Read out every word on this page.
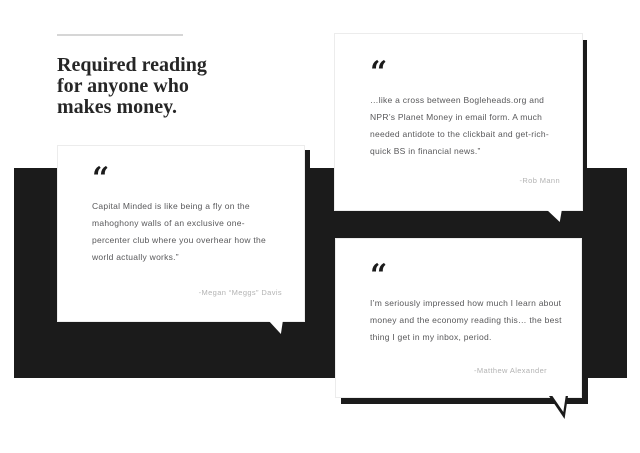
Required reading
for anyone who
makes money.
“

Capital Minded is like being a fly on the mahoghony walls of an exclusive one-percenter club where you overhear how the world actually works.”

-Megan “Meggs” Davis

“

…like a cross between Bogleheads.org and NPR’s Planet Money in email form. A much needed antidote to the clickbait and get-rich-quick BS in financial news.”

-Rob Mann

“

I’m seriously impressed how much I learn about money and the economy reading this… the best thing I get in my inbox, period.

-Matthew Alexander
